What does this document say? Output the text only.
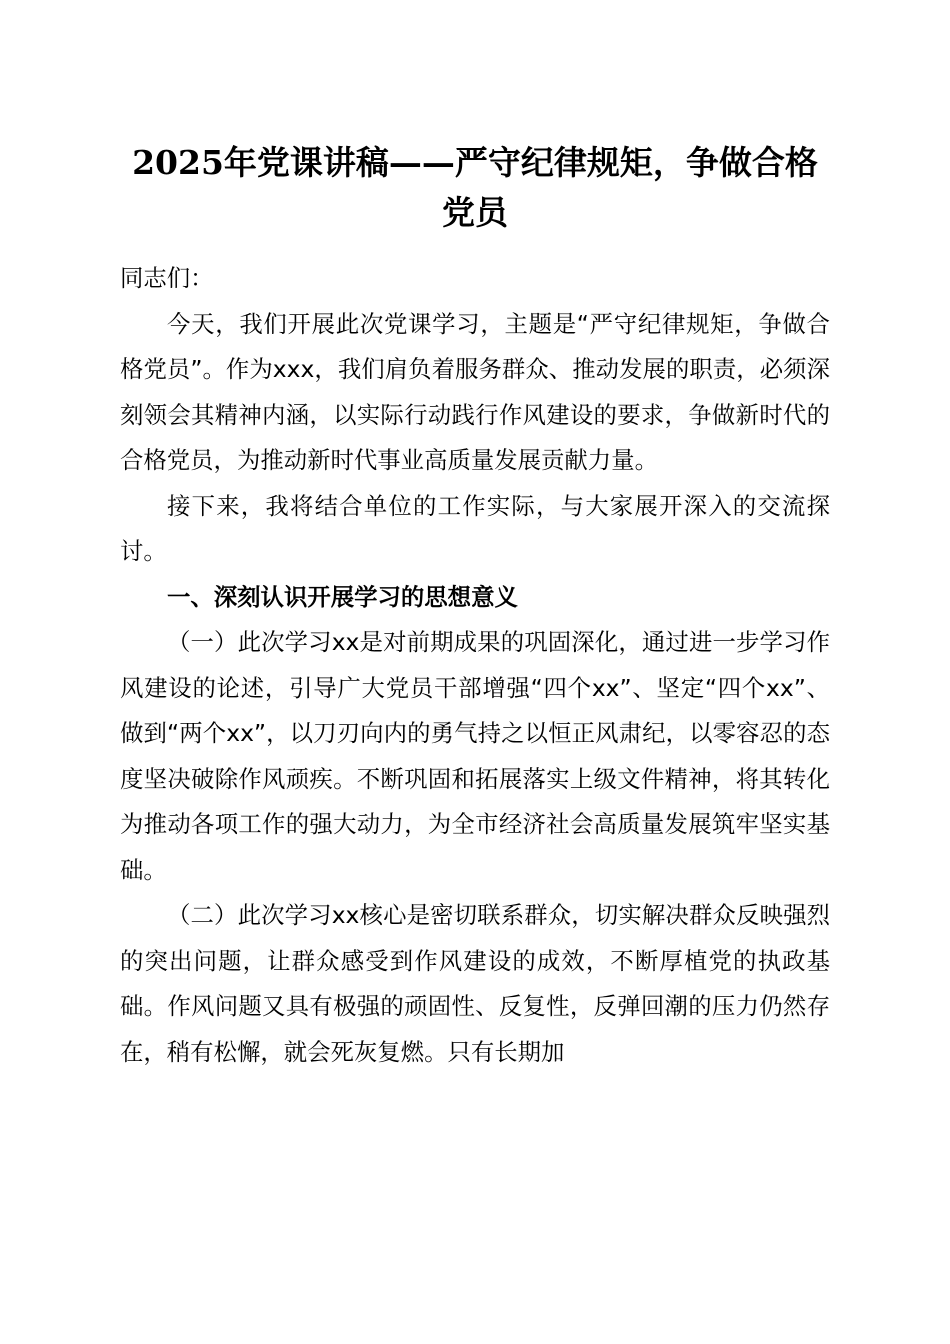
2025年党课讲稿——严守纪律规矩，争做合格党员

同志们：

今天，我们开展此次党课学习，主题是“严守纪律规矩，争做合格党员”。作为xxx，我们肩负着服务群众、推动发展的职责，必须深刻领会其精神内涵，以实际行动践行作风建设的要求，争做新时代的合格党员，为推动新时代事业高质量发展贡献力量。

接下来，我将结合单位的工作实际，与大家展开深入的交流探讨。

一、深刻认识开展学习的思想意义

（一）此次学习xx是对前期成果的巩固深化，通过进一步学习作风建设的论述，引导广大党员干部增强“四个xx”、坚定“四个xx”、做到“两个xx”，以刀刃向内的勇气持之以恒正风肃纪，以零容忍的态度坚决破除作风顽疾。不断巩固和拓展落实上级文件精神，将其转化为推动各项工作的强大动力，为全市经济社会高质量发展筑牢坚实基础。

（二）此次学习xx核心是密切联系群众，切实解决群众反映强烈的突出问题，让群众感受到作风建设的成效，不断厚植党的执政基础。作风问题又具有极强的顽固性、反复性，反弹回潮的压力仍然存在，稍有松懈，就会死灰复燃。只有长期加
